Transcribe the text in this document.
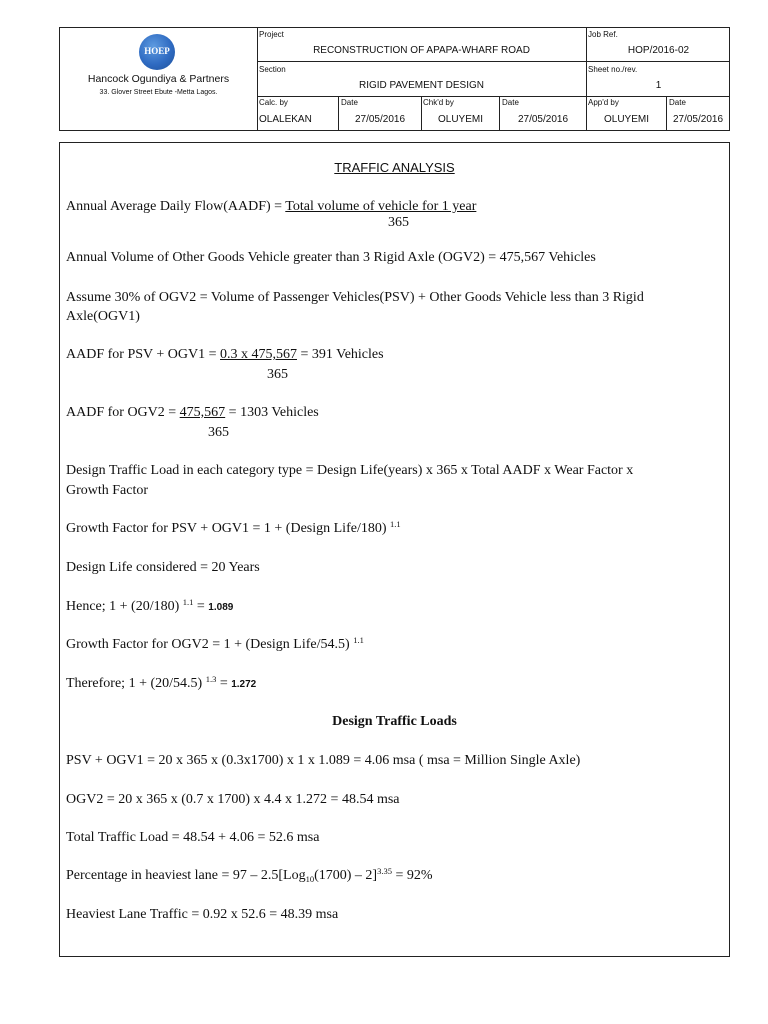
HOEP
Hancock Ogundiya & Partners
33. Glover Street Ebute -Metta Lagos.
Project
RECONSTRUCTION OF APAPA-WHARF ROAD
Job Ref.
HOP/2016-02
Section
RIGID PAVEMENT DESIGN
Sheet no./rev.
1
Calc. by
OLALEKAN
Date
27/05/2016
Chk'd by
OLUYEMI
Date
27/05/2016
App'd by
OLUYEMI
Date
27/05/2016
TRAFFIC ANALYSIS
Annual Average Daily Flow(AADF) = Total volume of vehicle for 1 year
365
Annual Volume of Other Goods Vehicle greater than 3 Rigid Axle (OGV2) = 475,567 Vehicles
Assume 30% of OGV2 = Volume of Passenger Vehicles(PSV) + Other Goods Vehicle less than 3 Rigid
Axle(OGV1)
AADF for PSV + OGV1 = 0.3 x 475,567 = 391 Vehicles
365
AADF for OGV2 = 475,567 = 1303 Vehicles
365
Design Traffic Load in each category type = Design Life(years) x 365 x Total AADF x Wear Factor x
Growth Factor
Growth Factor for PSV + OGV1 = 1 + (Design Life/180) $^{1.1}$
Design Life considered = 20 Years
Hence; 1 + (20/180) $^{1.1}$ = 1.089
Growth Factor for OGV2 = 1 + (Design Life/54.5) $^{1.1}$
Therefore; 1 + (20/54.5) $^{1.3}$ = 1.272
Design Traffic Loads
PSV + OGV1 = 20 x 365 x (0.3x1700) x 1 x 1.089 = 4.06 msa ( msa = Million Single Axle)
OGV2 = 20 x 365 x (0.7 x 1700) x 4.4 x 1.272 = 48.54 msa
Total Traffic Load = 48.54 + 4.06 = 52.6 msa
Percentage in heaviest lane = 97 – 2.5[Log$_{10}$(1700) – 2]$^{3.35}$ = 92%
Heaviest Lane Traffic = 0.92 x 52.6 = 48.39 msa
